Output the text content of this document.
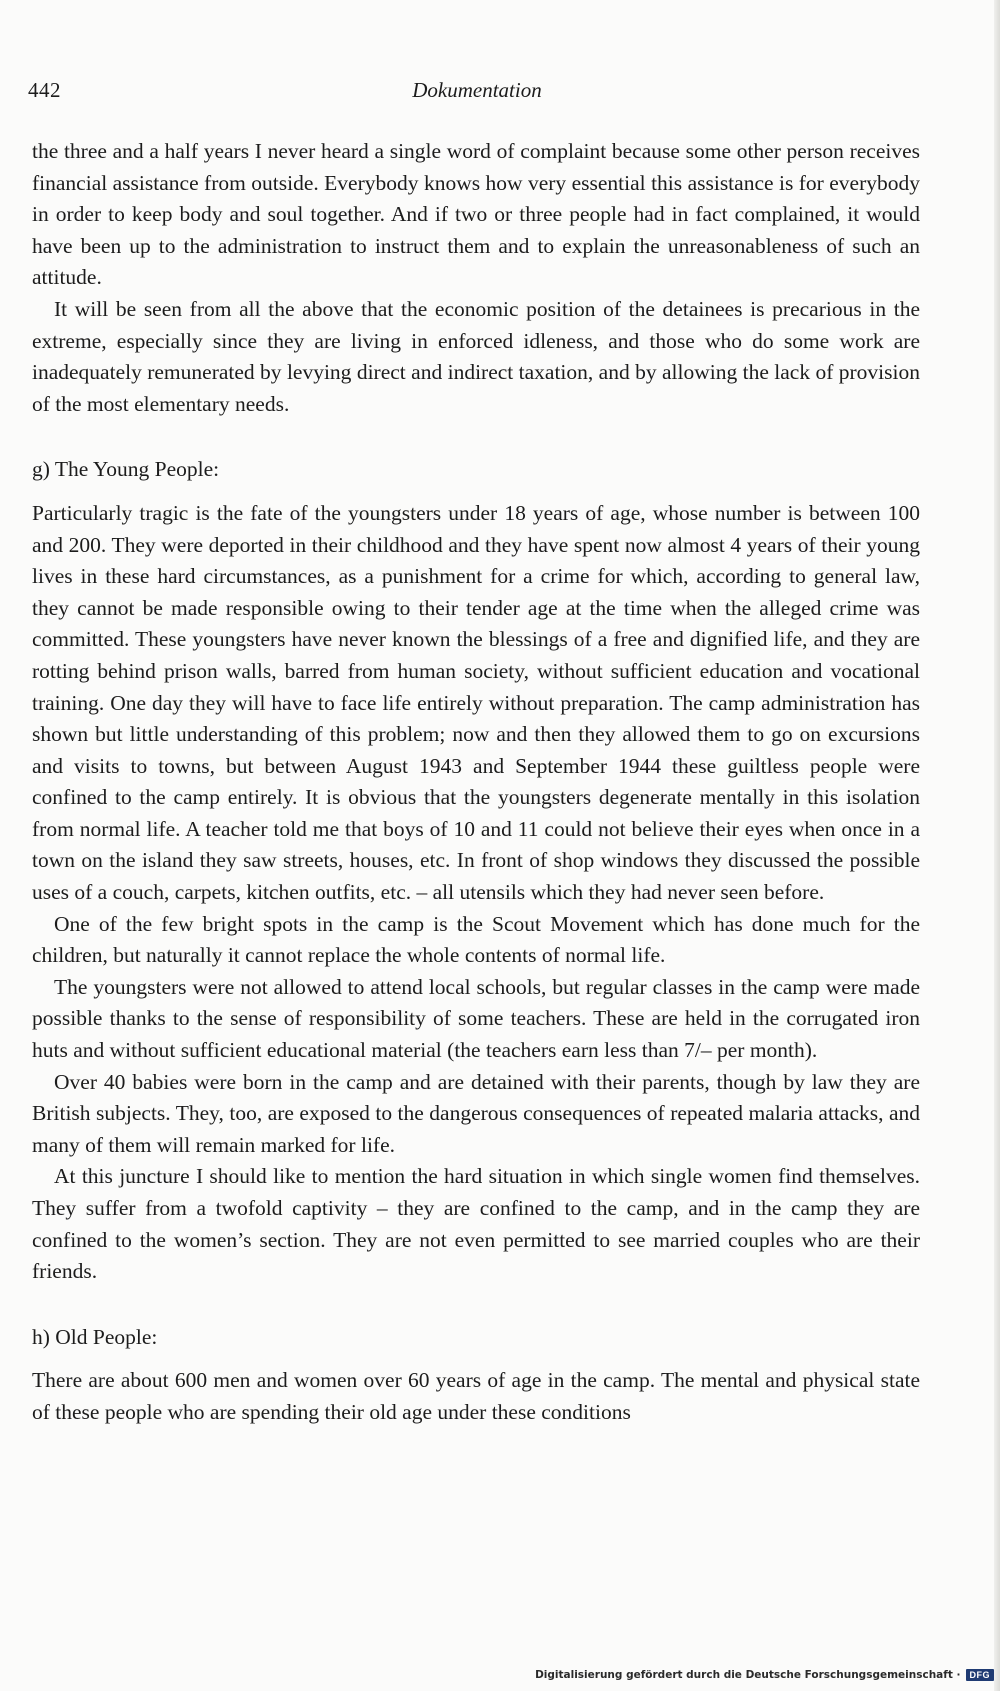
442	Dokumentation

the three and a half years I never heard a single word of complaint because some other person receives financial assistance from outside. Everybody knows how very essential this assistance is for everybody in order to keep body and soul together. And if two or three people had in fact complained, it would have been up to the administration to instruct them and to explain the unreasonableness of such an attitude.

It will be seen from all the above that the economic position of the detainees is precarious in the extreme, especially since they are living in enforced idleness, and those who do some work are inadequately remunerated by levying direct and indirect taxation, and by allowing the lack of provision of the most elementary needs.

g) The Young People:

Particularly tragic is the fate of the youngsters under 18 years of age, whose number is between 100 and 200. They were deported in their childhood and they have spent now almost 4 years of their young lives in these hard circumstances, as a punishment for a crime for which, according to general law, they cannot be made responsible owing to their tender age at the time when the alleged crime was committed. These youngsters have never known the blessings of a free and dignified life, and they are rotting behind prison walls, barred from human society, without sufficient education and vocational training. One day they will have to face life entirely without preparation. The camp administration has shown but little understanding of this problem; now and then they allowed them to go on excursions and visits to towns, but between August 1943 and September 1944 these guiltless people were confined to the camp entirely. It is obvious that the youngsters degenerate mentally in this isolation from normal life. A teacher told me that boys of 10 and 11 could not believe their eyes when once in a town on the island they saw streets, houses, etc. In front of shop windows they discussed the possible uses of a couch, carpets, kitchen outfits, etc. – all utensils which they had never seen before.

One of the few bright spots in the camp is the Scout Movement which has done much for the children, but naturally it cannot replace the whole contents of normal life.

The youngsters were not allowed to attend local schools, but regular classes in the camp were made possible thanks to the sense of responsibility of some teachers. These are held in the corrugated iron huts and without sufficient educational material (the teachers earn less than 7/– per month).

Over 40 babies were born in the camp and are detained with their parents, though by law they are British subjects. They, too, are exposed to the dangerous consequences of repeated malaria attacks, and many of them will remain marked for life.

At this juncture I should like to mention the hard situation in which single women find themselves. They suffer from a twofold captivity – they are confined to the camp, and in the camp they are confined to the women’s section. They are not even permitted to see married couples who are their friends.

h) Old People:

There are about 600 men and women over 60 years of age in the camp. The mental and physical state of these people who are spending their old age under these conditions

Digitalisierung gefördert durch die Deutsche Forschungsgemeinschaft ·	DFG
